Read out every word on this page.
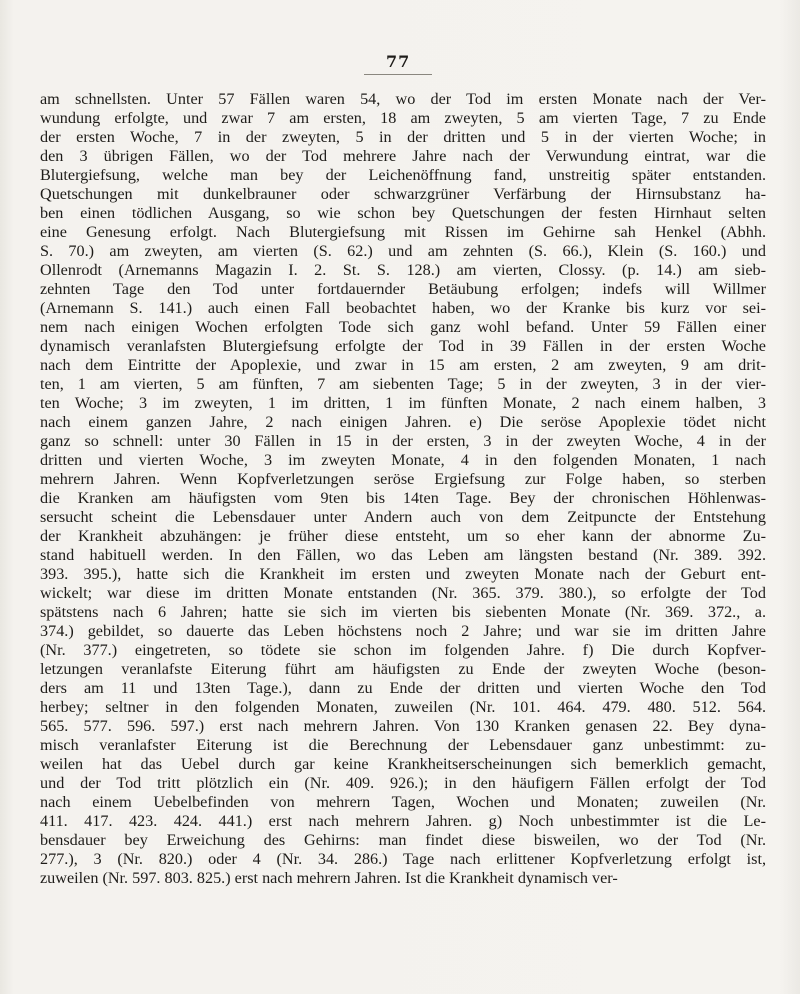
77
am schnellsten. Unter 57 Fällen waren 54, wo der Tod im ersten Monate nach der Ver-
wundung erfolgte, und zwar 7 am ersten, 18 am zweyten, 5 am vierten Tage, 7 zu Ende
der ersten Woche, 7 in der zweyten, 5 in der dritten und 5 in der vierten Woche; in
den 3 übrigen Fällen, wo der Tod mehrere Jahre nach der Verwundung eintrat, war die
Blutergiefsung, welche man bey der Leichenöffnung fand, unstreitig später entstanden.
Quetschungen mit dunkelbrauner oder schwarzgrüner Verfärbung der Hirnsubstanz ha-
ben einen tödlichen Ausgang, so wie schon bey Quetschungen der festen Hirnhaut selten
eine Genesung erfolgt. Nach Blutergiefsung mit Rissen im Gehirne sah Henkel (Abhh.
S. 70.) am zweyten, am vierten (S. 62.) und am zehnten (S. 66.), Klein (S. 160.) und
Ollenrodt (Arnemanns Magazin I. 2. St. S. 128.) am vierten, Clossy. (p. 14.) am sieb-
zehnten Tage den Tod unter fortdauernder Betäubung erfolgen; indefs will Willmer
(Arnemann S. 141.) auch einen Fall beobachtet haben, wo der Kranke bis kurz vor sei-
nem nach einigen Wochen erfolgten Tode sich ganz wohl befand. Unter 59 Fällen einer
dynamisch veranlafsten Blutergiefsung erfolgte der Tod in 39 Fällen in der ersten Woche
nach dem Eintritte der Apoplexie, und zwar in 15 am ersten, 2 am zweyten, 9 am drit-
ten, 1 am vierten, 5 am fünften, 7 am siebenten Tage; 5 in der zweyten, 3 in der vier-
ten Woche; 3 im zweyten, 1 im dritten, 1 im fünften Monate, 2 nach einem halben, 3
nach einem ganzen Jahre, 2 nach einigen Jahren. e) Die seröse Apoplexie tödet nicht
ganz so schnell: unter 30 Fällen in 15 in der ersten, 3 in der zweyten Woche, 4 in der
dritten und vierten Woche, 3 im zweyten Monate, 4 in den folgenden Monaten, 1 nach
mehrern Jahren. Wenn Kopfverletzungen seröse Ergiefsung zur Folge haben, so sterben
die Kranken am häufigsten vom 9ten bis 14ten Tage. Bey der chronischen Höhlenwas-
sersucht scheint die Lebensdauer unter Andern auch von dem Zeitpuncte der Entstehung
der Krankheit abzuhängen: je früher diese entsteht, um so eher kann der abnorme Zu-
stand habituell werden. In den Fällen, wo das Leben am längsten bestand (Nr. 389. 392.
393. 395.), hatte sich die Krankheit im ersten und zweyten Monate nach der Geburt ent-
wickelt; war diese im dritten Monate entstanden (Nr. 365. 379. 380.), so erfolgte der Tod
spätstens nach 6 Jahren; hatte sie sich im vierten bis siebenten Monate (Nr. 369. 372., a.
374.) gebildet, so dauerte das Leben höchstens noch 2 Jahre; und war sie im dritten Jahre
(Nr. 377.) eingetreten, so tödete sie schon im folgenden Jahre. f) Die durch Kopfver-
letzungen veranlafste Eiterung führt am häufigsten zu Ende der zweyten Woche (beson-
ders am 11 und 13ten Tage.), dann zu Ende der dritten und vierten Woche den Tod
herbey; seltner in den folgenden Monaten, zuweilen (Nr. 101. 464. 479. 480. 512. 564.
565. 577. 596. 597.) erst nach mehrern Jahren. Von 130 Kranken genasen 22. Bey dyna-
misch veranlafster Eiterung ist die Berechnung der Lebensdauer ganz unbestimmt: zu-
weilen hat das Uebel durch gar keine Krankheitserscheinungen sich bemerklich gemacht,
und der Tod tritt plötzlich ein (Nr. 409. 926.); in den häufigern Fällen erfolgt der Tod
nach einem Uebelbefinden von mehrern Tagen, Wochen und Monaten; zuweilen (Nr.
411. 417. 423. 424. 441.) erst nach mehrern Jahren. g) Noch unbestimmter ist die Le-
bensdauer bey Erweichung des Gehirns: man findet diese bisweilen, wo der Tod (Nr.
277.), 3 (Nr. 820.) oder 4 (Nr. 34. 286.) Tage nach erlittener Kopfverletzung erfolgt ist,
zuweilen (Nr. 597. 803. 825.) erst nach mehrern Jahren. Ist die Krankheit dynamisch ver-
